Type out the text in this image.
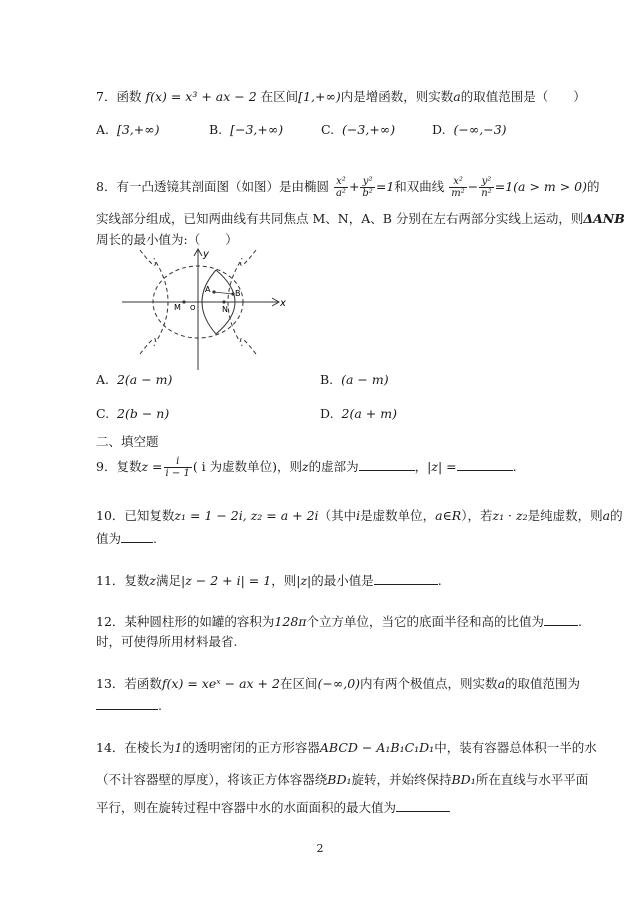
7．函数 f(x) = x³ + ax − 2 在区间[1,+∞)内是增函数，则实数a的取值范围是（　　）
A. [3,+∞)	B. [−3,+∞)	C. (−3,+∞)	D. (−∞,−3)
8．有一凸透镜其剖面图（如图）是由椭圆 $\frac{\text{x²}}{\text{a²}} + \frac{\text{y²}}{\text{b²}} =1$和双曲线 $\frac{\text{x²}}{\text{m²}} - \frac{\text{y²}}{\text{n²}} =1(a > m > 0)$的
实线部分组成，已知两曲线有共同焦点 M、N，A、B 分别在左右两部分实线上运动，则ΔANB
周长的最小值为:（　　）
y
x
A	B
M O	N
A. 2(a − m)	B. (a − m)
C. 2(b − n)	D. 2(a + m)
二、填空题
9．复数$z = \frac{i}{i - 1}$ ( i 为虚数单位)，则z的虚部为	，|z| =	.
10．已知复数z₁ = 1 − 2i, z₂ = a + 2i（其中i是虚数单位，a∈R），若z₁ · z₂是纯虚数，则a的
值为	.
11．复数z满足|z − 2 + i| = 1，则|z|的最小值是	.
12．某种圆柱形的如罐的容积为128π个立方单位，当它的底面半径和高的比值为	.
时，可使得所用材料最省.
13．若函数f(x) = xeˣ − ax + 2在区间(−∞,0)内有两个极值点，则实数a的取值范围为
.
14．在棱长为1的透明密闭的正方形容器ABCD − A₁B₁C₁D₁中，装有容器总体积一半的水
（不计容器壁的厚度），将该正方体容器绕BD₁旋转，并始终保持BD₁所在直线与水平平面
平行，则在旋转过程中容器中水的水面面积的最大值为
2
